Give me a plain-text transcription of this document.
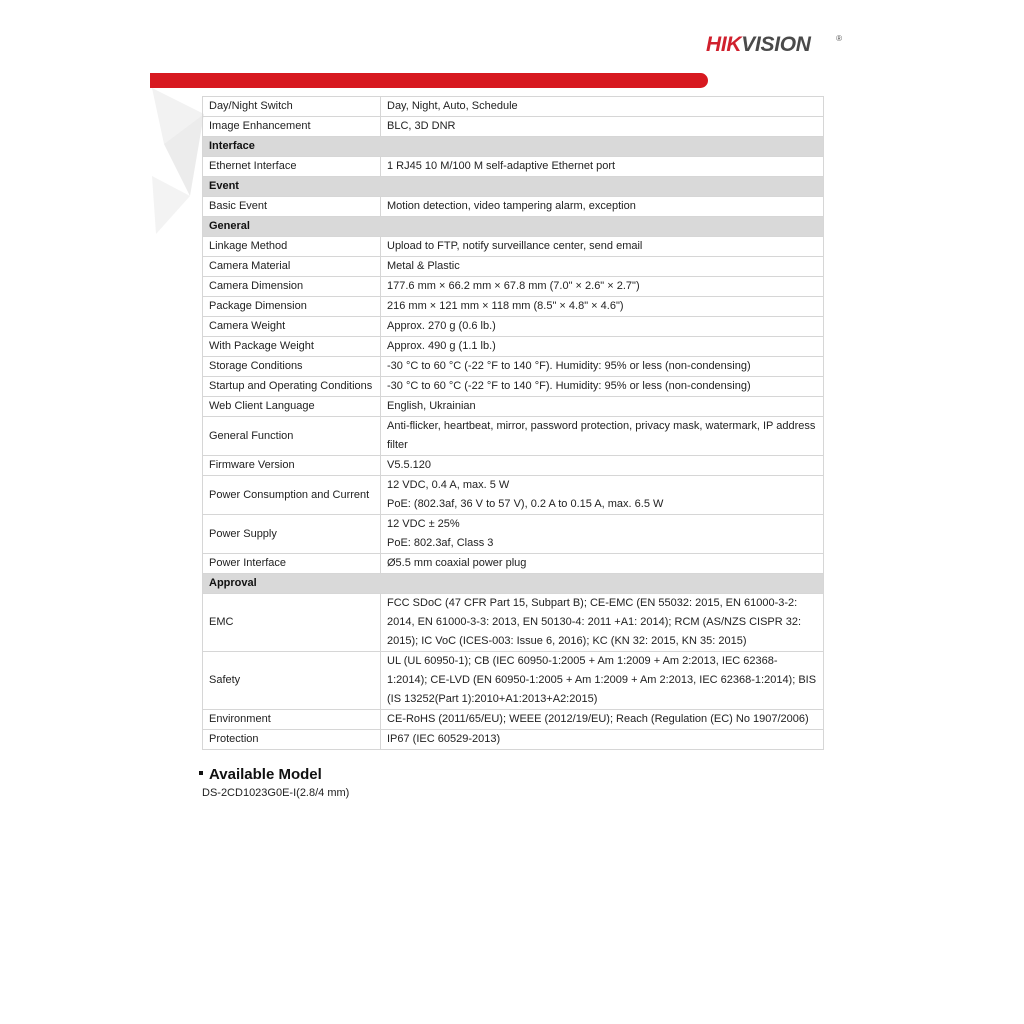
HIKVISION	®
Day/Night Switch	Day, Night, Auto, Schedule

Image Enhancement	BLC, 3D DNR

Interface	
Ethernet Interface	1 RJ45 10 M/100 M self-adaptive Ethernet port

Event	
Basic Event	Motion detection, video tampering alarm, exception

General	
Linkage Method	Upload to FTP, notify surveillance center, send email

Camera Material	Metal & Plastic

Camera Dimension	177.6 mm × 66.2 mm × 67.8 mm (7.0" × 2.6" × 2.7")

Package Dimension	216 mm × 121 mm × 118 mm (8.5" × 4.8" × 4.6")

Camera Weight	Approx. 270 g (0.6 lb.)

With Package Weight	Approx. 490 g (1.1 lb.)

Storage Conditions	-30 °C to 60 °C (-22 °F to 140 °F). Humidity: 95% or less (non-condensing)

Startup and Operating Conditions	-30 °C to 60 °C (-22 °F to 140 °F). Humidity: 95% or less (non-condensing)

Web Client Language	English, Ukrainian

General Function	Anti-flicker, heartbeat, mirror, password protection, privacy mask, watermark, IP address filter

Firmware Version	V5.5.120

Power Consumption and Current	12 VDC, 0.4 A, max. 5 W
PoE: (802.3af, 36 V to 57 V), 0.2 A to 0.15 A, max. 6.5 W

Power Supply	12 VDC ± 25%
PoE: 802.3af, Class 3

Power Interface	Ø5.5 mm coaxial power plug

Approval	
EMC	FCC SDoC (47 CFR Part 15, Subpart B); CE-EMC (EN 55032: 2015, EN 61000-3-2: 2014, EN 61000-3-3: 2013, EN 50130-4: 2011 +A1: 2014); RCM (AS/NZS CISPR 32: 2015); IC VoC (ICES-003: Issue 6, 2016); KC (KN 32: 2015, KN 35: 2015)

Safety	UL (UL 60950-1); CB (IEC 60950-1:2005 + Am 1:2009 + Am 2:2013, IEC 62368-1:2014); CE-LVD (EN 60950-1:2005 + Am 1:2009 + Am 2:2013, IEC 62368-1:2014); BIS (IS 13252(Part 1):2010+A1:2013+A2:2015)

Environment	CE-RoHS (2011/65/EU); WEEE (2012/19/EU); Reach (Regulation (EC) No 1907/2006)

Protection	IP67 (IEC 60529-2013)
Available Model
DS-2CD1023G0E-I(2.8/4 mm)
